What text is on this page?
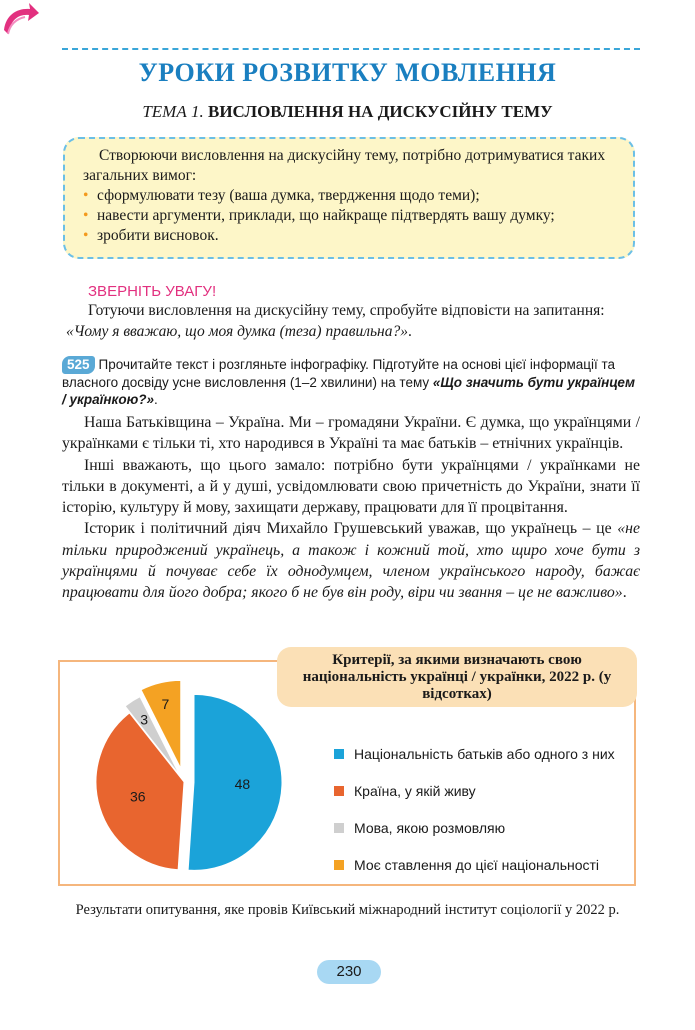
УРОКИ РОЗВИТКУ МОВЛЕННЯ
ТЕМА 1. ВИСЛОВЛЕННЯ НА ДИСКУСІЙНУ ТЕМУ

Створюючи висловлення на дискусійну тему, потрібно дотримуватися таких загальних вимог:

• сформулювати тезу (ваша думка, твердження щодо теми);
• навести аргументи, приклади, що найкраще підтвердять вашу думку;
• зробити висновок.
ЗВЕРНІТЬ УВАГУ!

Готуючи висловлення на дискусійну тему, спробуйте відповісти на запитання: «Чому я вважаю, що моя думка (теза) правильна?».

525 Прочитайте текст і розгляньте інфографіку. Підготуйте на основі цієї інформації та власного досвіду усне висловлення (1–2 хвилини) на тему «Що значить бути українцем / українкою?».

Наша Батьківщина – Україна. Ми – громадяни України. Є думка, що українцями / українками є тільки ті, хто народився в Україні та має батьків – етнічних українців.

Інші вважають, що цього замало: потрібно бути українцями / українками не тільки в документі, а й у душі, усвідомлювати свою причетність до України, знати її історію, культуру й мову, захищати державу, працювати для її процвітання.

Історик і політичний діяч Михайло Грушевський уважав, що українець – це «не тільки природжений українець, а також і кожний той, хто щиро хоче бути з українцями й почуває себе їх однодумцем, членом українського народу, бажає працювати для його добра; якого б не був він роду, віри чи звання – це не важливо».

48
36
3
7
Критерії, за якими визначають свою національність українці / українки, 2022 р. (у відсотках)
Національність батьків або одного з них
Країна, у якій живу
Мова, якою розмовляю
Моє ставлення до цієї національності
Результати опитування, яке провів Київський міжнародний інститут соціології у 2022 р.
230
